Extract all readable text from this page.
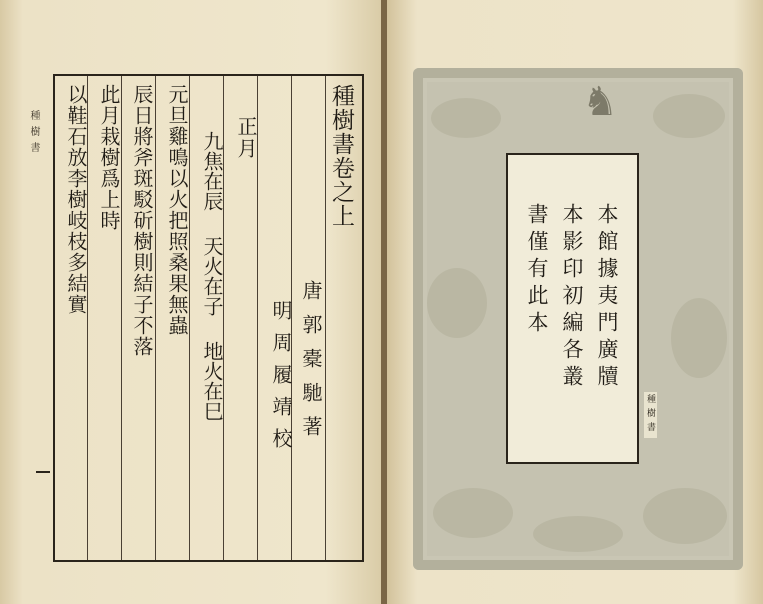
種樹書	種樹書卷之上
唐郭橐馳著
明周履靖校
正月
九焦在辰天火在子地火在巳
元旦雞鳴以火把照桑果無蟲
辰日將斧斑駁斫樹則結子不落
此月栽樹爲上時
以鞋石放李樹岐枝多結實	♞
本館據夷門廣牘
本影印初編各叢
書僅有此本
種樹書
